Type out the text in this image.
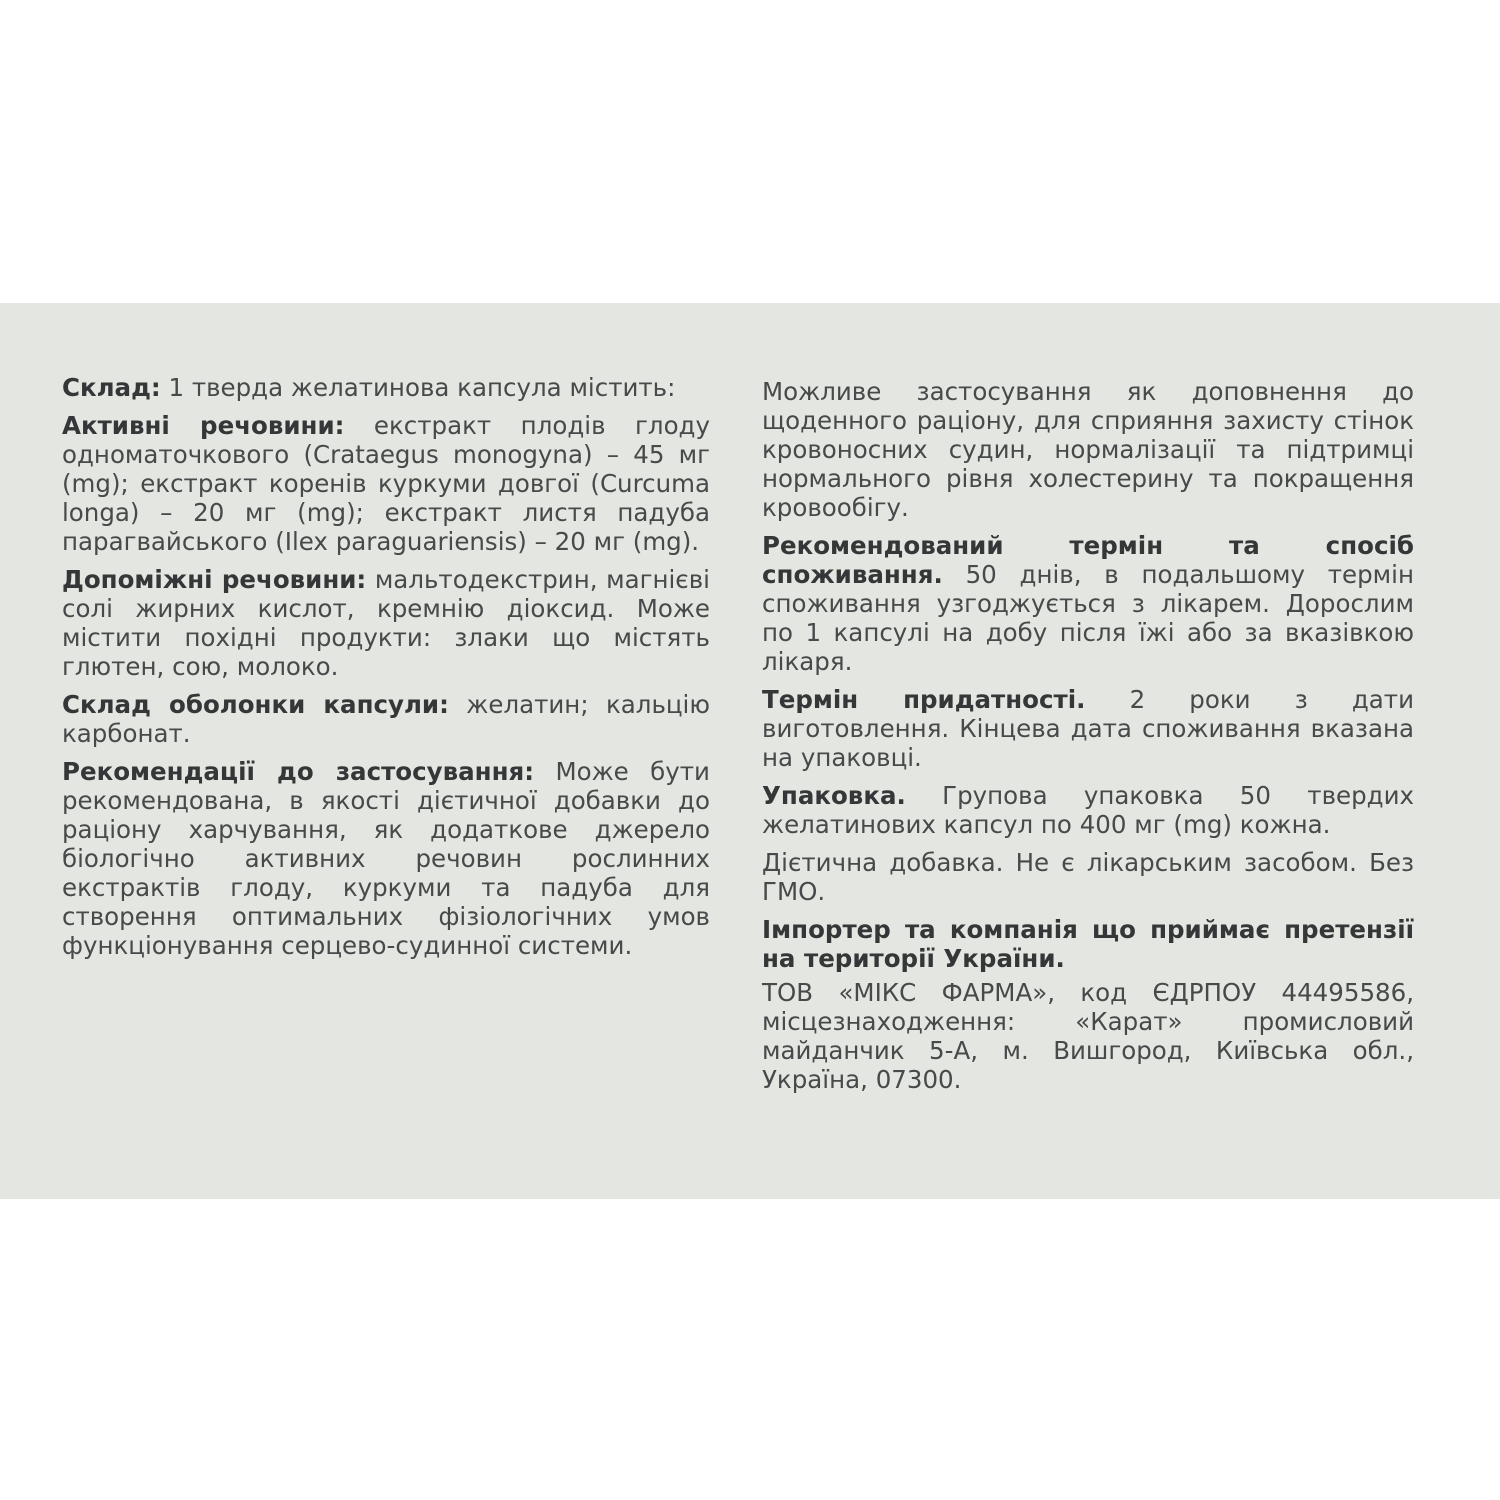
Склад: 1 тверда желатинова капсула містить:

Активні речовини: екстракт плодів глоду одноматочкового (Crataegus monogyna) – 45 мг (mg); екстракт коренів куркуми довгої (Curcuma longa) – 20 мг (mg); екстракт листя падуба парагвайського (Ilex paraguariensis) – 20 мг (mg).

Допоміжні речовини: мальтодекстрин, магнієві солі жирних кислот, кремнію діоксид. Може містити похідні продукти: злаки що містять глютен, сою, молоко.

Склад оболонки капсули: желатин; кальцію карбонат.

Рекомендації до застосування: Може бути рекомендована, в якості дієтичної добавки до раціону харчування, як додаткове джерело біологічно активних речовин рослинних екстрактів глоду, куркуми та падуба для створення оптимальних фізіологічних умов функціонування серцево-судинної системи.

Можливе застосування як доповнення до щоденного раціону, для сприяння захисту стінок кровоносних судин, нормалізації та підтримці нормального рівня холестерину та покращення кровообігу.

Рекомендований термін та спосіб споживання. 50 днів, в подальшому термін споживання узгоджується з лікарем. Дорослим по 1 капсулі на добу після їжі або за вказівкою лікаря.

Термін придатності. 2 роки з дати виготовлення. Кінцева дата споживання вказана на упаковці.

Упаковка. Групова упаковка 50 твердих желатинових капсул по 400 мг (mg) кожна.

Дієтична добавка. Не є лікарським засобом. Без ГМО.

Імпортер та компанія що приймає претензії на території України.

ТОВ «МІКС ФАРМА», код ЄДРПОУ 44495586, місцезнаходження: «Карат» промисловий майданчик 5-А, м. Вишгород, Київська обл., Україна, 07300.
